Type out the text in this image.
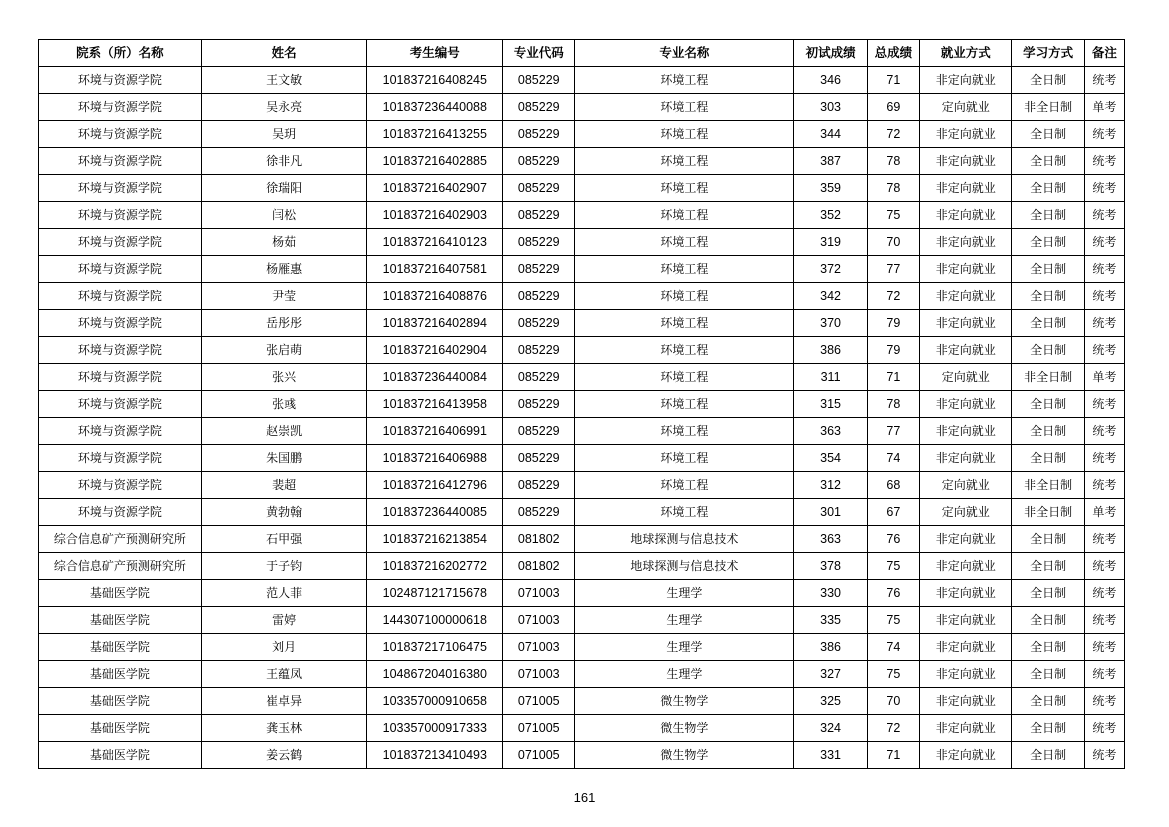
院系（所）名称	姓名	考生编号	专业代码	专业名称	初试成绩	总成绩	就业方式	学习方式	备注
环境与资源学院	王文敏	101837216408245	085229	环境工程	346	71	非定向就业	全日制	统考
环境与资源学院	吴永亮	101837236440088	085229	环境工程	303	69	定向就业	非全日制	单考
环境与资源学院	吴玥	101837216413255	085229	环境工程	344	72	非定向就业	全日制	统考
环境与资源学院	徐非凡	101837216402885	085229	环境工程	387	78	非定向就业	全日制	统考
环境与资源学院	徐瑞阳	101837216402907	085229	环境工程	359	78	非定向就业	全日制	统考
环境与资源学院	闫松	101837216402903	085229	环境工程	352	75	非定向就业	全日制	统考
环境与资源学院	杨茹	101837216410123	085229	环境工程	319	70	非定向就业	全日制	统考
环境与资源学院	杨雁惠	101837216407581	085229	环境工程	372	77	非定向就业	全日制	统考
环境与资源学院	尹莹	101837216408876	085229	环境工程	342	72	非定向就业	全日制	统考
环境与资源学院	岳彤彤	101837216402894	085229	环境工程	370	79	非定向就业	全日制	统考
环境与资源学院	张启萌	101837216402904	085229	环境工程	386	79	非定向就业	全日制	统考
环境与资源学院	张兴	101837236440084	085229	环境工程	311	71	定向就业	非全日制	单考
环境与资源学院	张彧	101837216413958	085229	环境工程	315	78	非定向就业	全日制	统考
环境与资源学院	赵崇凯	101837216406991	085229	环境工程	363	77	非定向就业	全日制	统考
环境与资源学院	朱国鹏	101837216406988	085229	环境工程	354	74	非定向就业	全日制	统考
环境与资源学院	裴超	101837216412796	085229	环境工程	312	68	定向就业	非全日制	统考
环境与资源学院	黄勃翰	101837236440085	085229	环境工程	301	67	定向就业	非全日制	单考
综合信息矿产预测研究所	石甲强	101837216213854	081802	地球探测与信息技术	363	76	非定向就业	全日制	统考
综合信息矿产预测研究所	于子钧	101837216202772	081802	地球探测与信息技术	378	75	非定向就业	全日制	统考
基础医学院	范人菲	102487121715678	071003	生理学	330	76	非定向就业	全日制	统考
基础医学院	雷婷	144307100000618	071003	生理学	335	75	非定向就业	全日制	统考
基础医学院	刘月	101837217106475	071003	生理学	386	74	非定向就业	全日制	统考
基础医学院	王蕴凤	104867204016380	071003	生理学	327	75	非定向就业	全日制	统考
基础医学院	崔卓异	103357000910658	071005	微生物学	325	70	非定向就业	全日制	统考
基础医学院	龚玉林	103357000917333	071005	微生物学	324	72	非定向就业	全日制	统考
基础医学院	姜云鹤	101837213410493	071005	微生物学	331	71	非定向就业	全日制	统考
161
